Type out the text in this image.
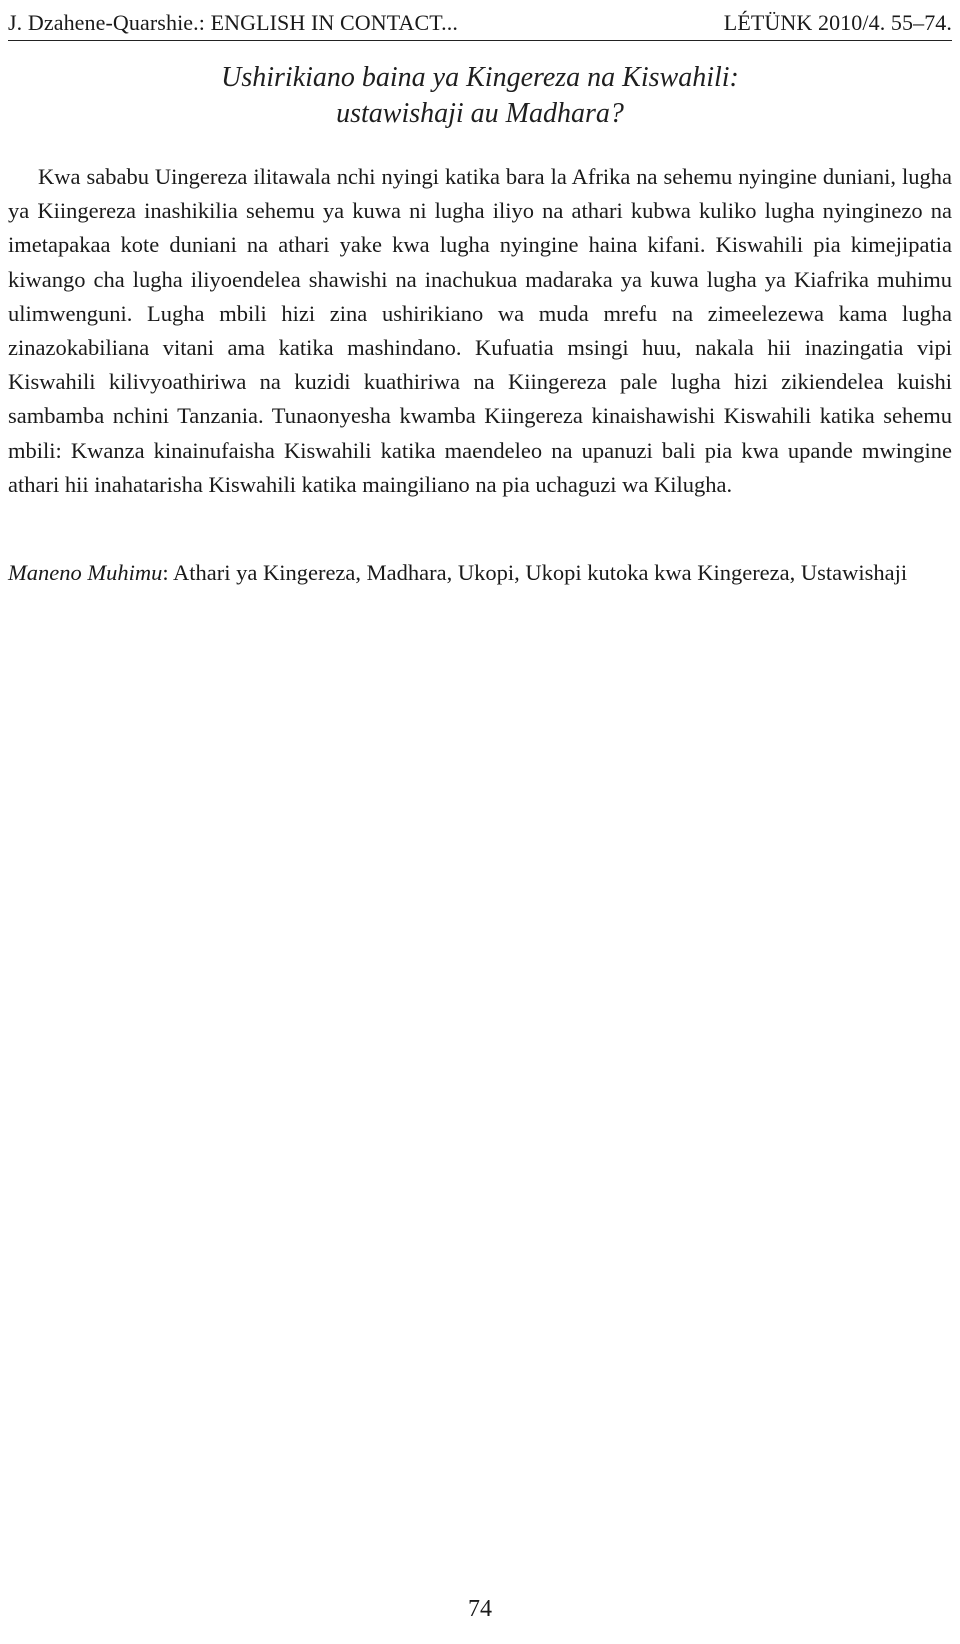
J. Dzahene-Quarshie.: ENGLISH IN CONTACT...	LÉTÜNK 2010/4. 55–74.
Ushirikiano baina ya Kingereza na Kiswahili:
ustawishaji au Madhara?

Kwa sababu Uingereza ilitawala nchi nyingi katika bara la Afrika na sehemu nyingine duniani, lugha ya Kiingereza inashikilia sehemu ya kuwa ni lugha iliyo na athari kubwa kuliko lugha nyinginezo na imetapakaa kote duniani na athari yake kwa lugha nyingine haina kifani. Kiswahili pia kimejipatia kiwango cha lugha iliyoendelea shawishi na inachukua madaraka ya kuwa lugha ya Kiafrika muhimu ulimwenguni. Lugha mbili hizi zina ushirikiano wa muda mrefu na zimeelezewa kama lugha zinazokabiliana vitani ama katika mashindano. Kufuatia msingi huu, nakala hii inazingatia vipi Kiswahili kilivyoathiriwa na kuzidi kuathiriwa na Kiingereza pale lugha hizi zikiendelea kuishi sambamba nchini Tanzania. Tunaonyesha kwamba Kiingereza kinaishawishi Kiswahili katika sehemu mbili: Kwanza kinainufaisha Kiswahili katika maendeleo na upanuzi bali pia kwa upande mwingine athari hii inahatarisha Kiswahili katika maingiliano na pia uchaguzi wa Kilugha.

Maneno Muhimu: Athari ya Kingereza, Madhara, Ukopi, Ukopi kutoka kwa Kingereza, Ustawishaji

74
